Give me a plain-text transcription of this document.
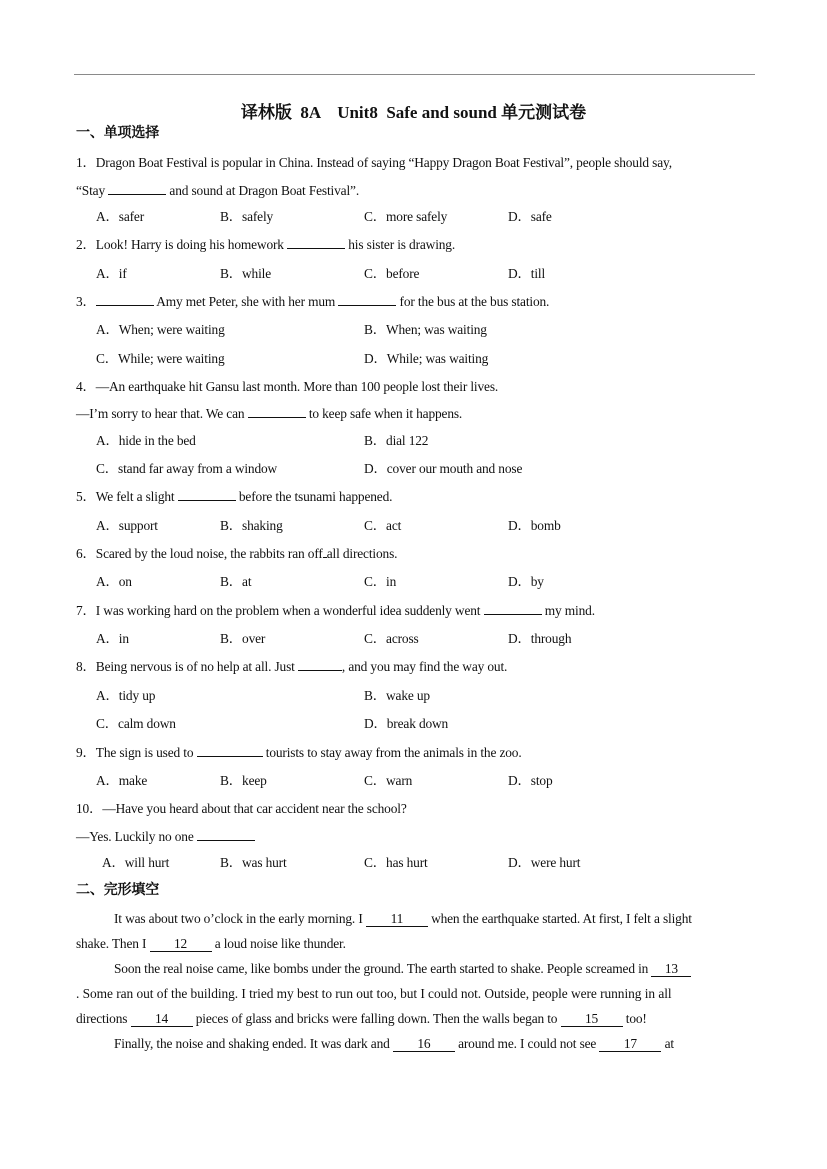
译林版  8A    Unit8  Safe and sound 单元测试卷
一、单项选择
1．Dragon Boat Festival is popular in China. Instead of saying “Happy Dragon Boat Festival”, people should say,
“Stay	and sound at Dragon Boat Festival”.
A．safer	B．safely	C．more safely	D．safe
2．Look! Harry is doing his homework	his sister is drawing.
A．if	B．while	C．before	D．till
3．	Amy met Peter, she with her mum	for the bus at the bus station.
A．When; were waiting	B．When; was waiting
C．While; were waiting	D．While; was waiting
4．—An earthquake hit Gansu last month. More than 100 people lost their lives.
—I’m sorry to hear that. We can	to keep safe when it happens.
A．hide in the bed	B．dial 122
C．stand far away from a window	D．cover our mouth and nose
5．We felt a slight	before the tsunami happened.
A．support	B．shaking	C．act	D．bomb
6．Scared by the loud noise, the rabbits ran off all directions.
A．on	B．at	C．in	D．by
7．I was working hard on the problem when a wonderful idea suddenly went	my mind.
A．in	B．over	C．across	D．through
8．Being nervous is of no help at all. Just	, and you may find the way out.
A．tidy up	B．wake up
C．calm down	D．break down
9．The sign is used to	tourists to stay away from the animals in the zoo.
A．make	B．keep	C．warn	D．stop
10．—Have you heard about that car accident near the school?
—Yes. Luckily no one
A．will hurt	B．was hurt	C．has hurt	D．were hurt
二、完形填空
It was about two o’clock in the early morning. I 11 when the earthquake started. At first, I felt a slight
shake. Then I 12 a loud noise like thunder.
Soon the real noise came, like bombs under the ground. The earth started to shake. People screamed in 13
. Some ran out of the building. I tried my best to run out too, but I could not. Outside, people were running in all
directions 14 pieces of glass and bricks were falling down. Then the walls began to 15 too!
Finally, the noise and shaking ended. It was dark and 16 around me. I could not see 17 at
